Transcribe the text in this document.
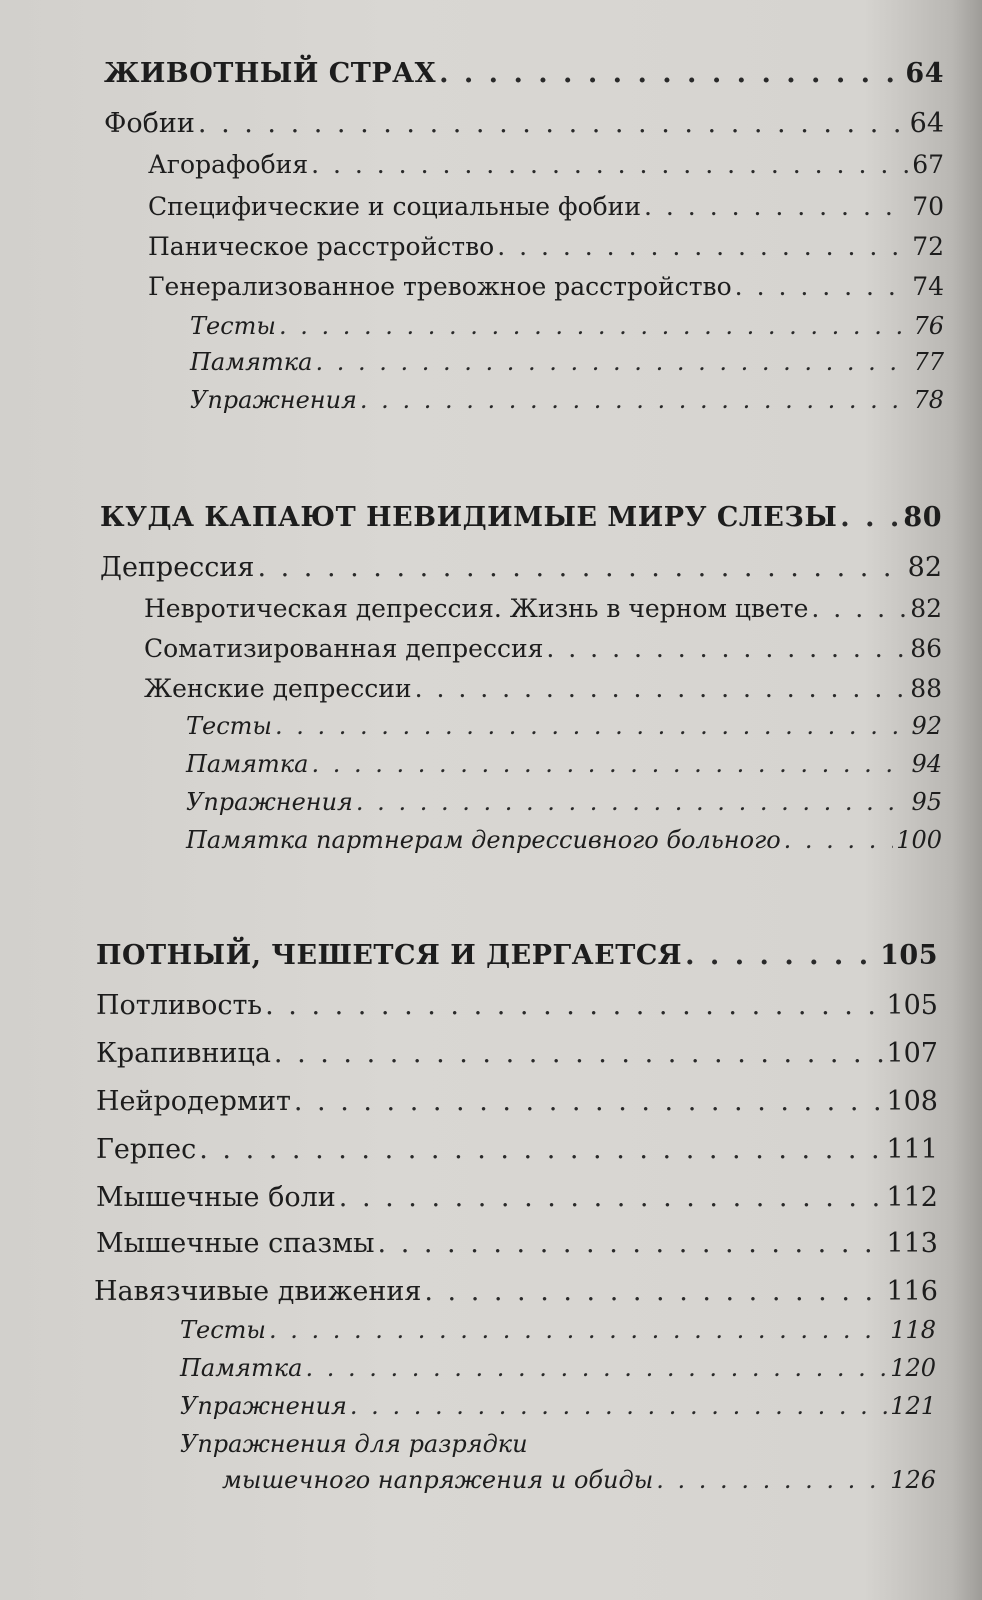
ЖИВОТНЫЙ СТРАХ . . .	64
Фобии . . .	64
Агорафобия . . .	67
Специфические и социальные фобии . . .	70
Паническое расстройство . . .	72
Генерализованное тревожное расстройство . . .	74
Тесты . . .	76
Памятка . . .	77
Упражнения . . .	78
КУДА КАПАЮТ НЕВИДИМЫЕ МИРУ СЛЕЗЫ . . . 80
Депрессия . . .	82
Невротическая депрессия. Жизнь в черном цвете . . .	82
Соматизированная депрессия . . .	86
Женские депрессии . . .	88
Тесты . . .	92
Памятка . . .	94
Упражнения . . .	95
Памятка партнерам депрессивного больного . . .	100
ПОТНЫЙ, ЧЕШЕТСЯ И ДЕРГАЕТСЯ . . .	105
Потливость . . .	105
Крапивница . . .	107
Нейродермит . . .	108
Герпес . . .	111
Мышечные боли . . .	112
Мышечные спазмы . . .	113
Навязчивые движения . . .	116
Тесты . . .	118
Памятка . . .	120
Упражнения . . .	121
Упражнения для разрядки
мышечного напряжения и обиды . . .	126
